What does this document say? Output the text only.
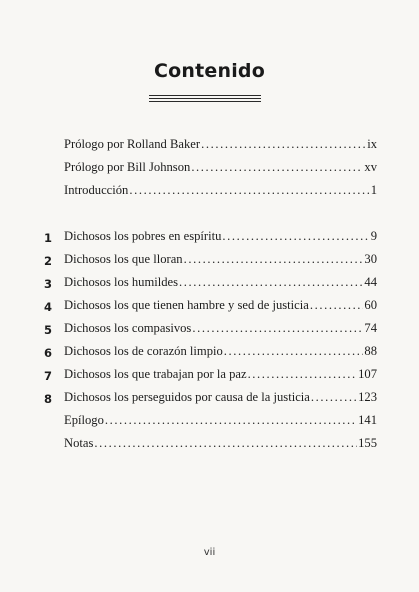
Contenido
Prólogo por Rolland Baker .....	ix
Prólogo por Bill Johnson .....	xv
Introducción .....	1
1 Dichosos los pobres en espíritu .....	9
2 Dichosos los que lloran .....	30
3 Dichosos los humildes .....	44
4 Dichosos los que tienen hambre y sed de justicia .....	60
5 Dichosos los compasivos .....	74
6 Dichosos los de corazón limpio .....	88
7 Dichosos los que trabajan por la paz .....	107
8 Dichosos los perseguidos por causa de la justicia .....	123
Epílogo .....	141
Notas .....	155
vii
